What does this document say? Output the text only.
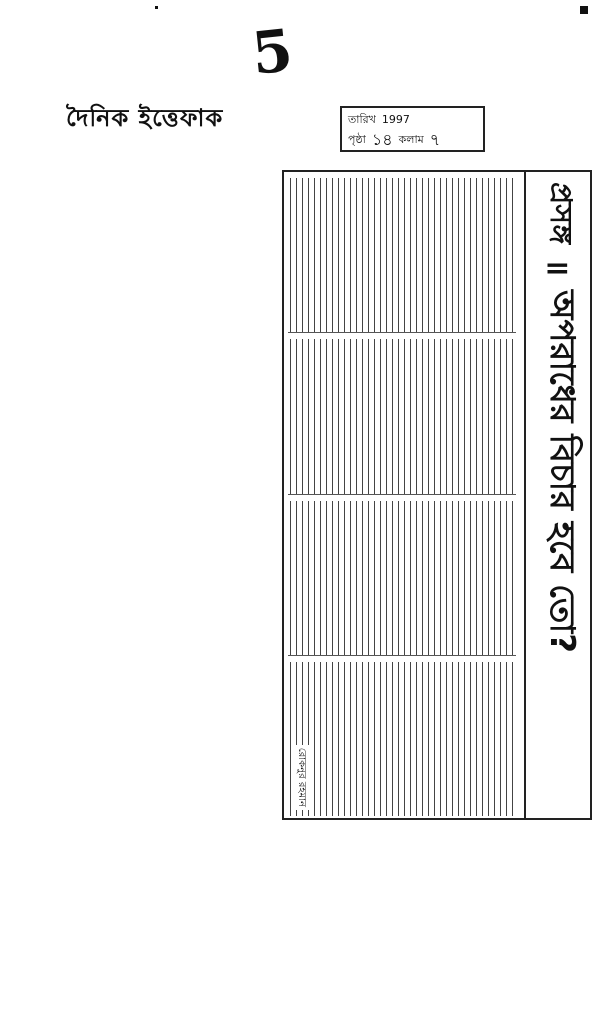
5
দৈনিক ইত্তেফাক	তারিখ 1997
পৃষ্ঠা ১৪ কলাম ৭
প্রসঙ্গ
॥
অপরাধের বিচার হবে তো?
রোকনুর রহমান
